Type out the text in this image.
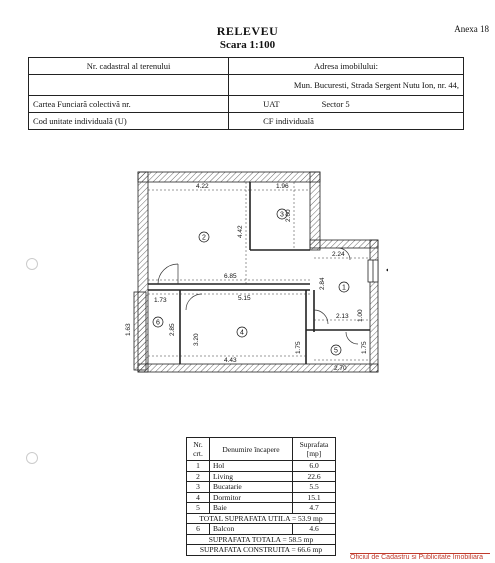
Anexa 18
RELEVEU
Scara 1:100
Nr. cadastral al terenului	Adresa imobilului:
	Mun. Bucuresti, Strada Sergent Nutu Ion, nr. 44,
Cartea Funciară colectivă nr.	UAT Sector 5
Cod unitate individuală (U)	CF individuală
4.22	1.96
4.42
2.60
2.24
6.85
5.15
2.84
1.73
1.63	2.85
3.20
2.13 1.00
4.43
1.75	1.75
2.70
1
2
3
4
5
6
Nr. crt.	Denumire încapere	Suprafata [mp]
1	Hol	6.0
2	Living	22.6
3	Bucatarie	5.5
4	Dormitor	15.1
5	Baie	4.7
TOTAL SUPRAFATA UTILA = 53.9 mp		
6	Balcon	4.6
SUPRAFATA TOTALA = 58.5 mp		
SUPRAFATA CONSTRUITA = 66.6 mp		
Oficiul de Cadastru si Publicitate Imobiliara
